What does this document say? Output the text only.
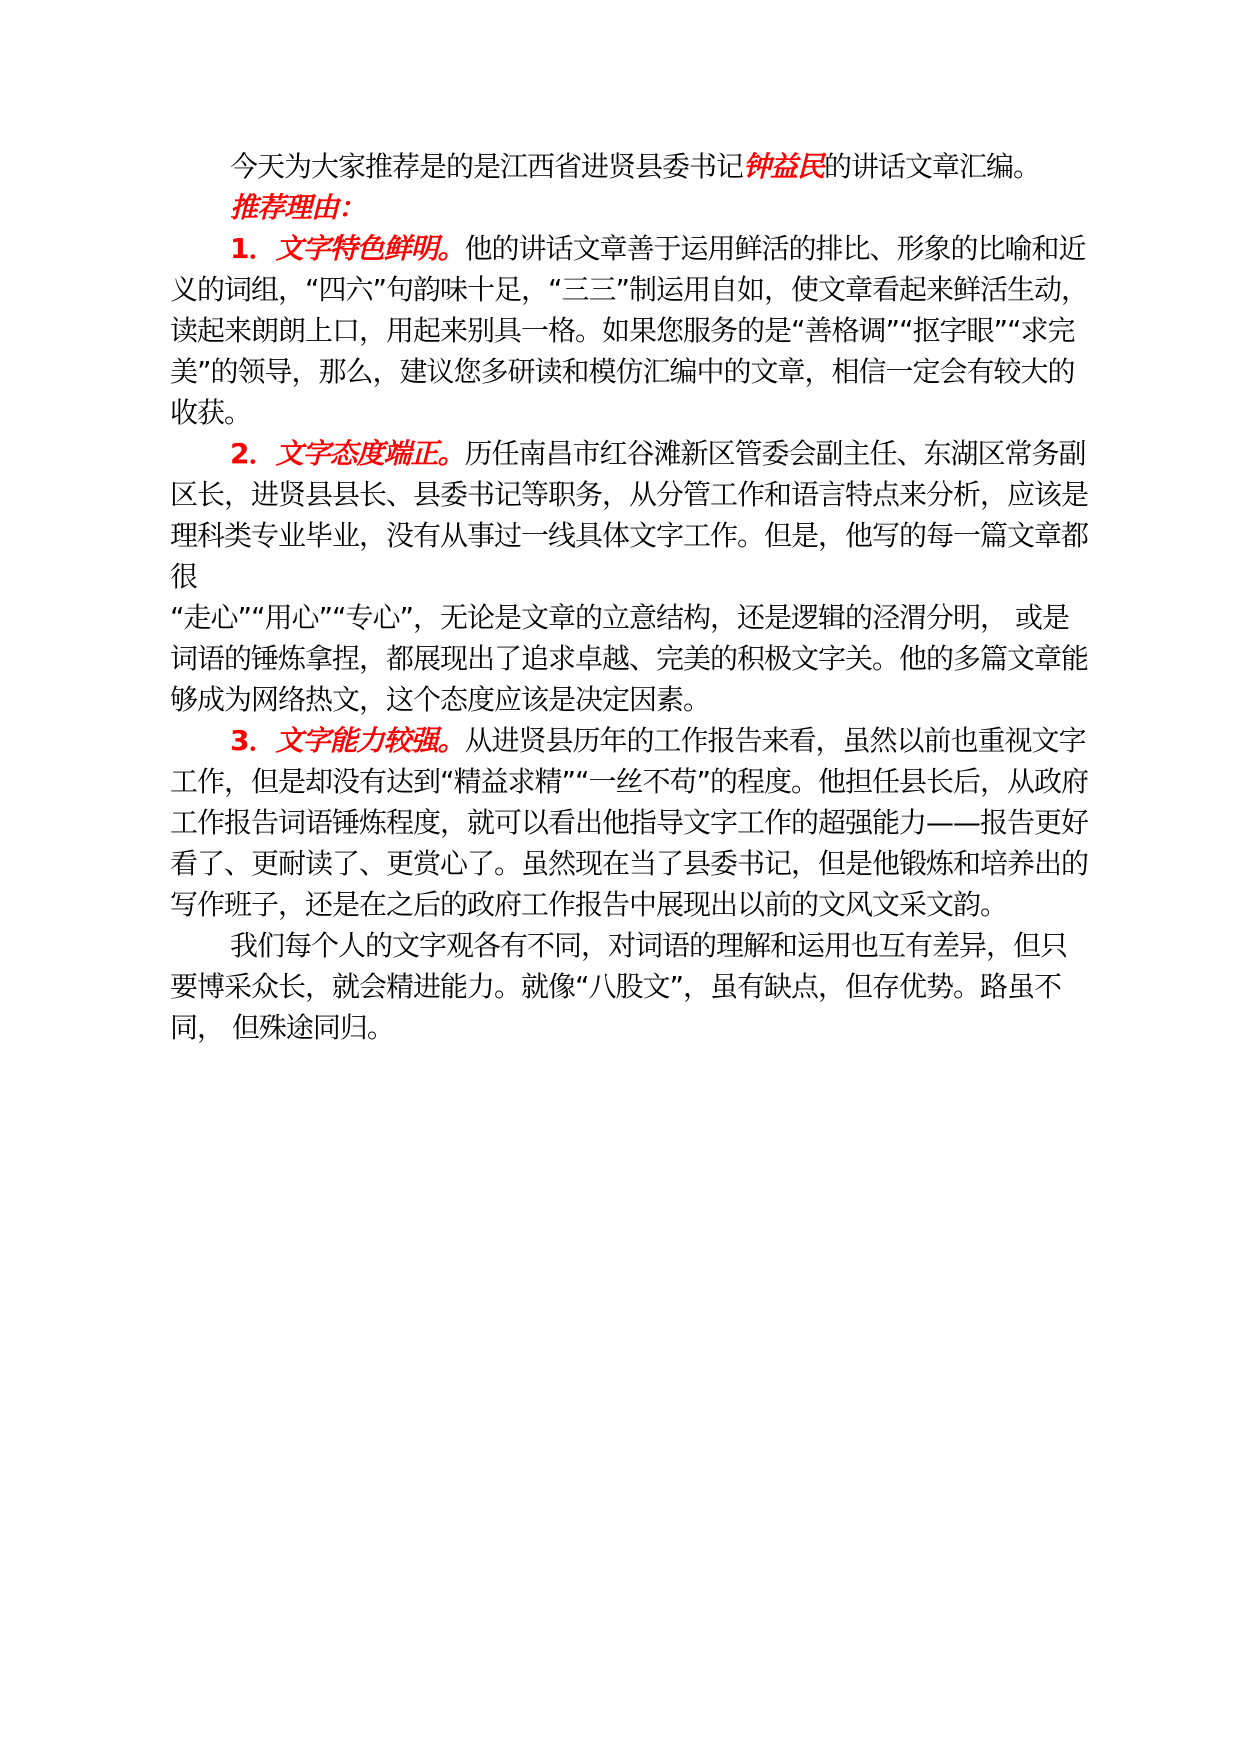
今天为大家推荐是的是江西省进贤县委书记钟益民的讲话文章汇编。

推荐理由：

1．文字特色鲜明。他的讲话文章善于运用鲜活的排比、形象的比喻和近义的词组，“四六”句韵味十足，“三三”制运用自如，使文章看起来鲜活生动， 读起来朗朗上口，用起来别具一格。如果您服务的是“善格调”“抠字眼”“求完美”的领导，那么，建议您多研读和模仿汇编中的文章，相信一定会有较大的收获。

2．文字态度端正。历任南昌市红谷滩新区管委会副主任、东湖区常务副区长，进贤县县长、县委书记等职务，从分管工作和语言特点来分析，应该是理科类专业毕业，没有从事过一线具体文字工作。但是，他写的每一篇文章都很

“走心”“用心”“专心”，无论是文章的立意结构，还是逻辑的泾渭分明， 或是词语的锤炼拿捏，都展现出了追求卓越、完美的积极文字关。他的多篇文章能够成为网络热文，这个态度应该是决定因素。

3．文字能力较强。从进贤县历年的工作报告来看，虽然以前也重视文字工作，但是却没有达到“精益求精”“一丝不苟”的程度。他担任县长后，从政府工作报告词语锤炼程度，就可以看出他指导文字工作的超强能力——报告更好看了、更耐读了、更赏心了。虽然现在当了县委书记，但是他锻炼和培养出的写作班子，还是在之后的政府工作报告中展现出以前的文风文采文韵。

我们每个人的文字观各有不同，对词语的理解和运用也互有差异，但只要博采众长，就会精进能力。就像“八股文”，虽有缺点，但存优势。路虽不同， 但殊途同归。
